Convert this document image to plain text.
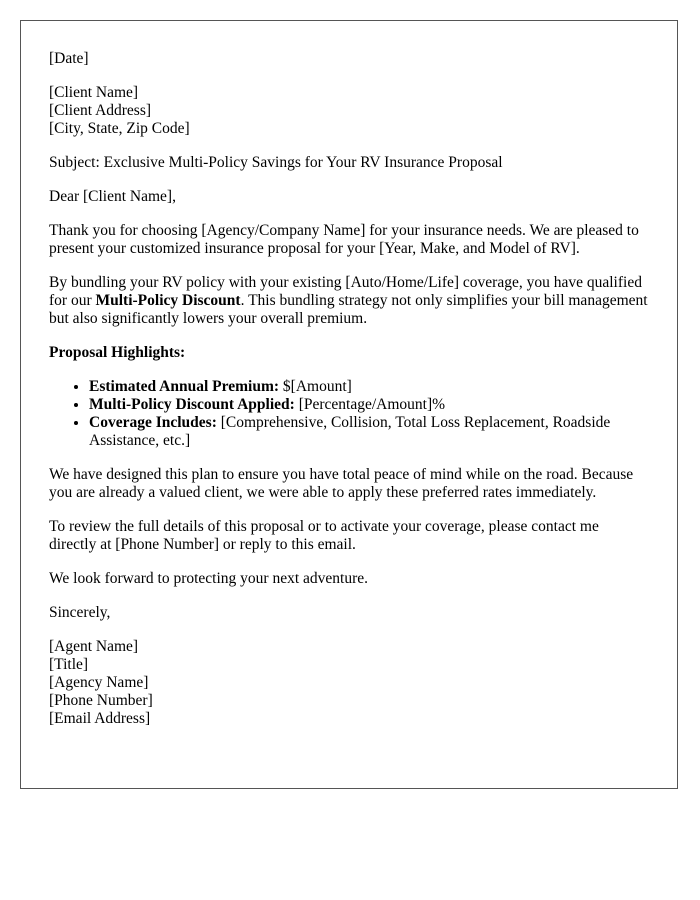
[Date]

[Client Name]
[Client Address]
[City, State, Zip Code]

Subject: Exclusive Multi-Policy Savings for Your RV Insurance Proposal

Dear [Client Name],

Thank you for choosing [Agency/Company Name] for your insurance needs. We are pleased to present your customized insurance proposal for your [Year, Make, and Model of RV].

By bundling your RV policy with your existing [Auto/Home/Life] coverage, you have qualified for our Multi-Policy Discount. This bundling strategy not only simplifies your bill management but also significantly lowers your overall premium.

Proposal Highlights:

• Estimated Annual Premium: $[Amount]
• Multi-Policy Discount Applied: [Percentage/Amount]%
• Coverage Includes: [Comprehensive, Collision, Total Loss Replacement, Roadside Assistance, etc.]

We have designed this plan to ensure you have total peace of mind while on the road. Because you are already a valued client, we were able to apply these preferred rates immediately.

To review the full details of this proposal or to activate your coverage, please contact me directly at [Phone Number] or reply to this email.

We look forward to protecting your next adventure.

Sincerely,

[Agent Name]
[Title]
[Agency Name]
[Phone Number]
[Email Address]
